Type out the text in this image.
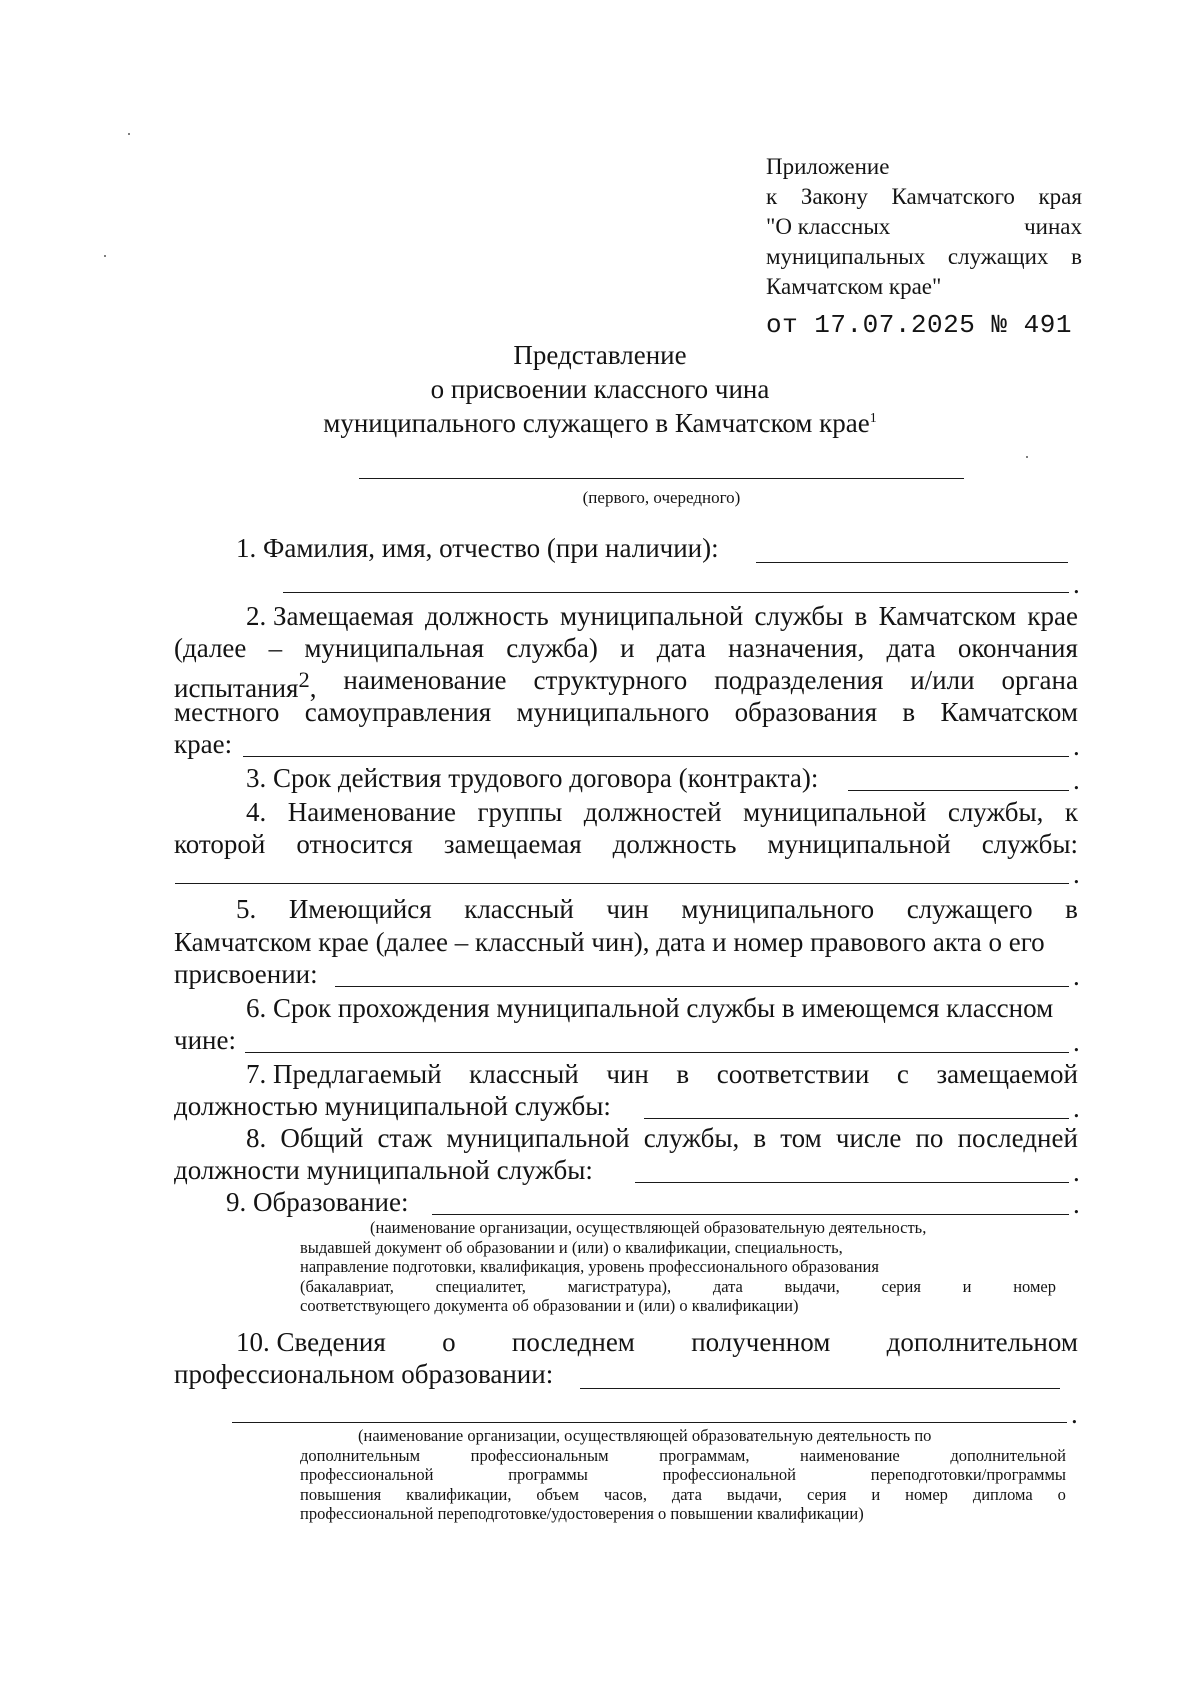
Приложение
к Закону Камчатского края
"О классных	чинах
муниципальных служащих в
Камчатском крае"
от 17.07.2025 № 491
Представление
о присвоении классного чина
муниципального служащего в Камчатском крае$^1$
(первого, очередного)
1. Фамилия, имя, отчество (при наличии):
.
2. Замещаемая должность муниципальной службы в Камчатском крае
(далее – муниципальная служба) и дата назначения, дата окончания
испытания$^2$, наименование структурного подразделения и/или органа
местного самоуправления муниципального образования в Камчатском
крае:	.
3. Срок действия трудового договора (контракта):	.
4. Наименование группы должностей муниципальной службы, к
которой относится замещаемая должность муниципальной службы:
.
5. Имеющийся классный чин муниципального служащего в
Камчатском крае (далее – классный чин), дата и номер правового акта о его
присвоении:	.
6. Срок прохождения муниципальной службы в имеющемся классном
чине:	.
7. Предлагаемый классный чин в соответствии с замещаемой
должностью муниципальной службы:	.
8. Общий стаж муниципальной службы, в том числе по последней
должности муниципальной службы:	.
9. Образование:	.
(наименование организации, осуществляющей образовательную деятельность,
выдавшей документ об образовании и (или) о квалификации, специальность,
направление подготовки, квалификация, уровень профессионального образования
(бакалавриат,	специалитет,	магистратура),	дата	выдачи,	серия	и	номер
соответствующего документа об образовании и (или) о квалификации)
10. Сведения о последнем полученном дополнительном
профессиональном образовании:
.
(наименование организации, осуществляющей образовательную деятельность по
дополнительным	профессиональным	программам,	наименование	дополнительной
профессиональной	программы	профессиональной	переподготовки/программы
повышения квалификации, объем часов, дата выдачи, серия и номер диплома о
профессиональной переподготовке/удостоверения о повышении квалификации)
